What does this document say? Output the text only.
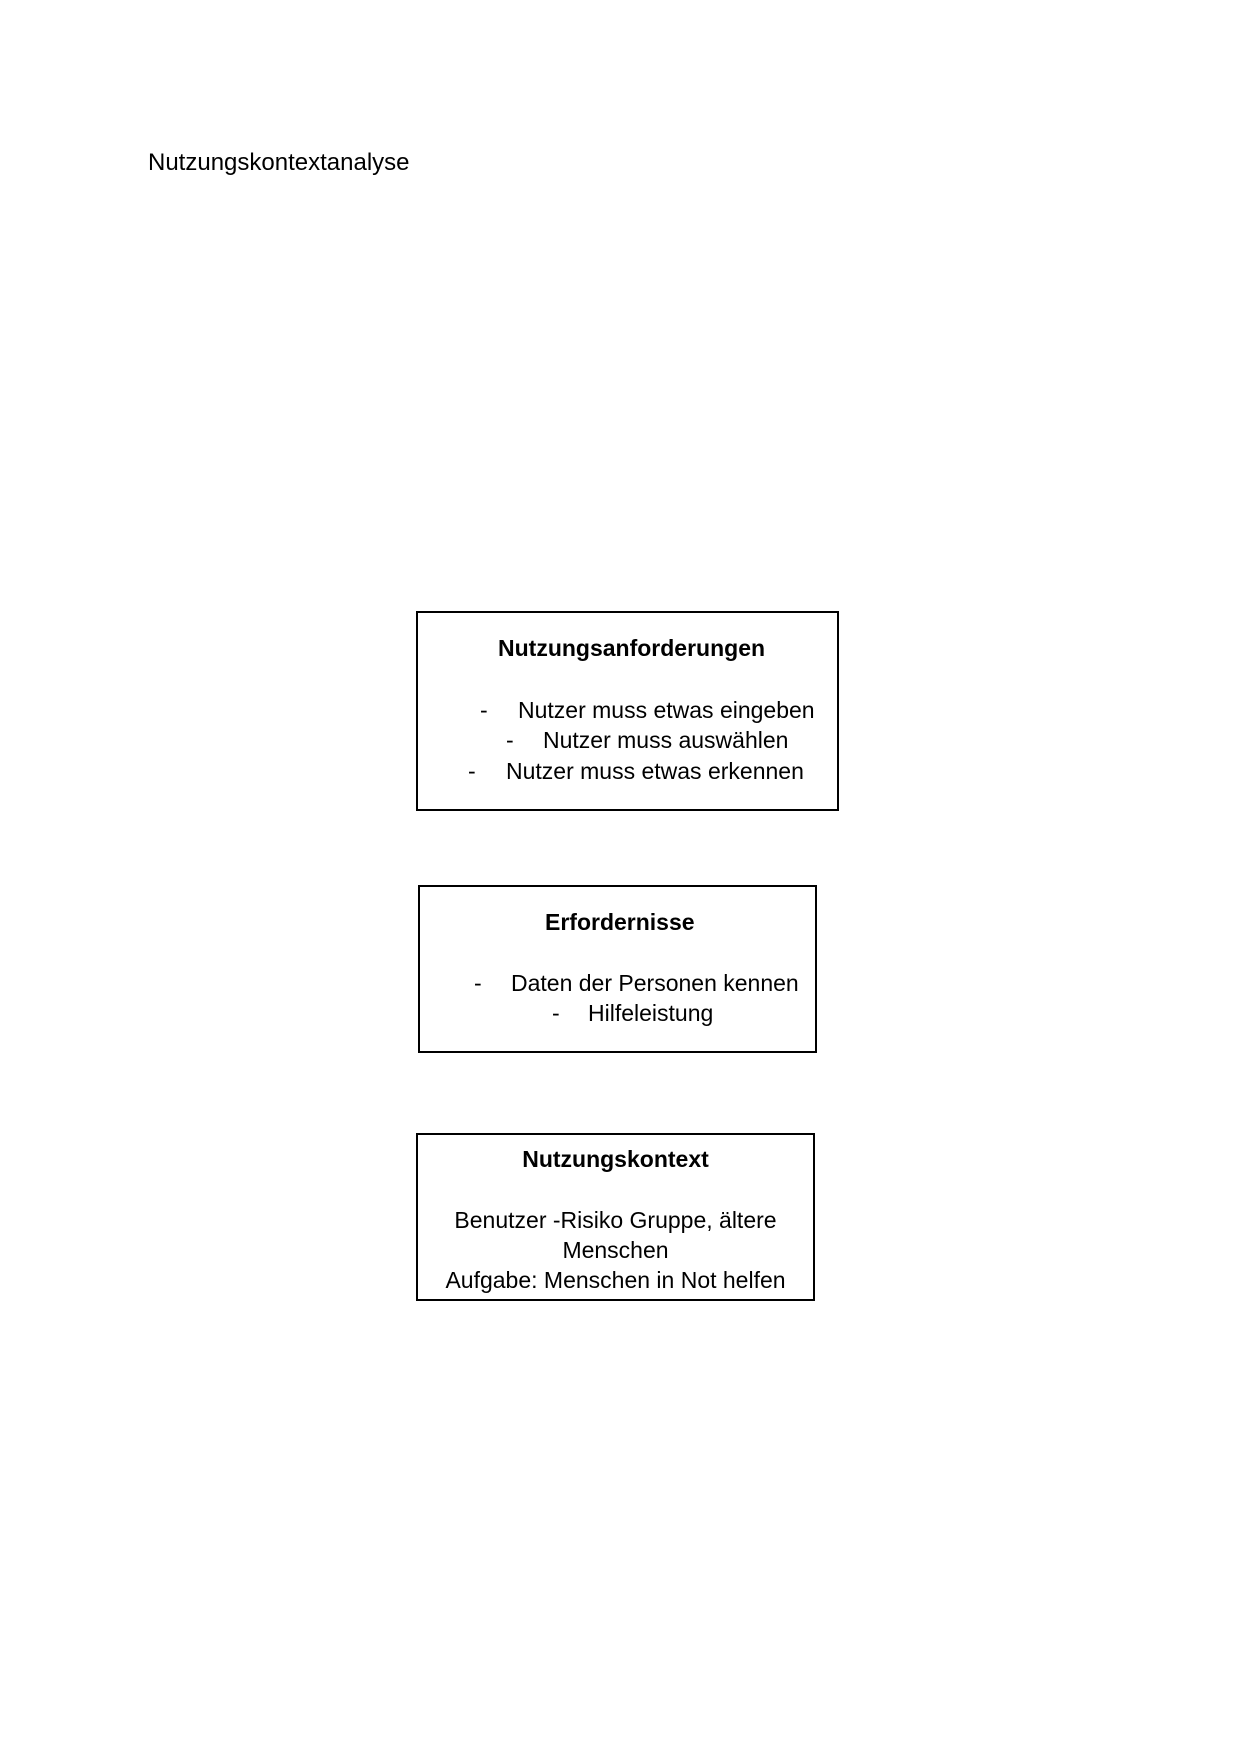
Nutzungskontextanalyse
Nutzungsanforderungen
- Nutzer muss etwas eingeben
- Nutzer muss auswählen
- Nutzer muss etwas erkennen
Erfordernisse
- Daten der Personen kennen
- Hilfeleistung
Nutzungskontext
Benutzer -Risiko Gruppe, ältere
Menschen
Aufgabe: Menschen in Not helfen
